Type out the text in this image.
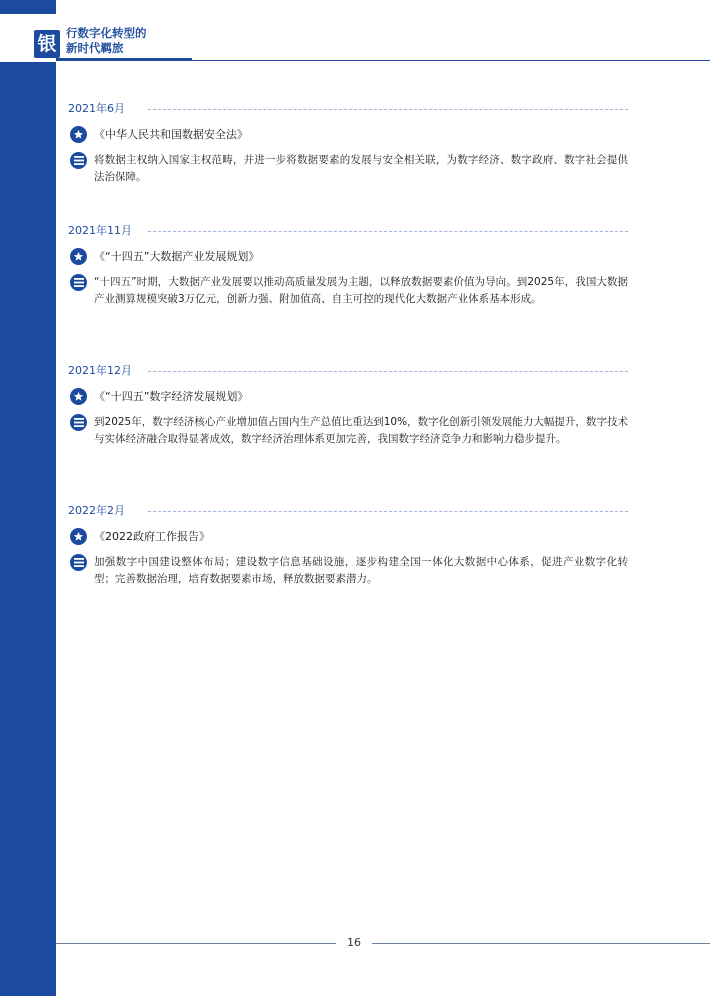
银 行数字化转型的
新时代羁旅
2021年6月
《中华人民共和国数据安全法》
将数据主权纳入国家主权范畴，并进一步将数据要素的发展与安全相关联，为数字经济、数字政府、数字社会提供法治保障。
2021年11月
《“十四五”大数据产业发展规划》
“十四五”时期，大数据产业发展要以推动高质量发展为主题，以释放数据要素价值为导向。到2025年，我国大数据产业测算规模突破3万亿元，创新力强、附加值高、自主可控的现代化大数据产业体系基本形成。
2021年12月
《“十四五”数字经济发展规划》
到2025年，数字经济核心产业增加值占国内生产总值比重达到10%，数字化创新引领发展能力大幅提升，数字技术与实体经济融合取得显著成效，数字经济治理体系更加完善，我国数字经济竞争力和影响力稳步提升。
2022年2月
《2022政府工作报告》
加强数字中国建设整体布局；建设数字信息基础设施，逐步构建全国一体化大数据中心体系，促进产业数字化转型；完善数据治理，培育数据要素市场，释放数据要素潜力。
16
